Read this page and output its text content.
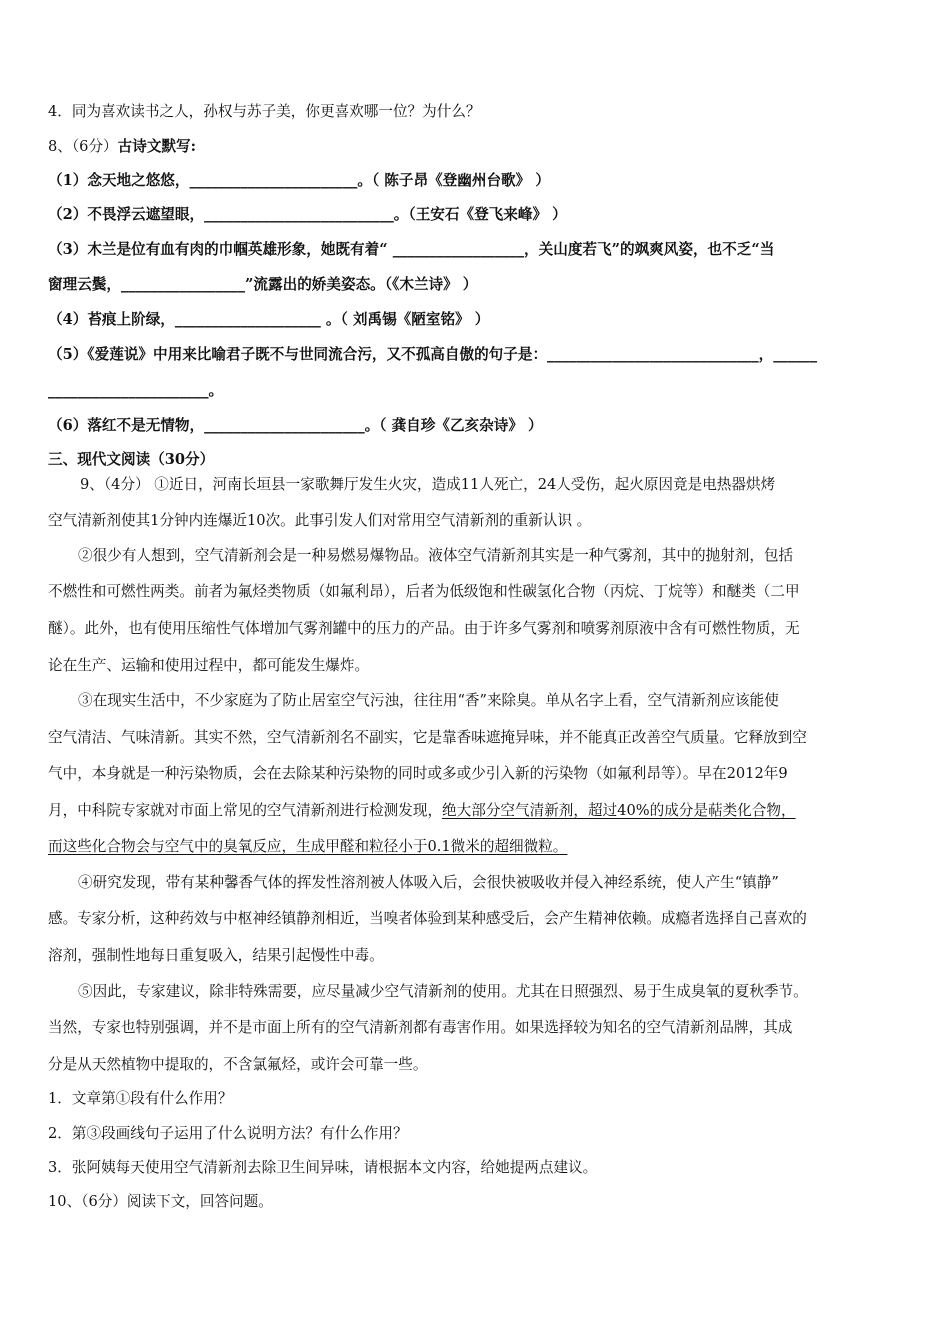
4．同为喜欢读书之人，孙权与苏子美，你更喜欢哪一位？为什么？
8、（6分）古诗文默写:
（1）念天地之悠悠，_______________________。（ 陈子昂《登幽州台歌》 ）
（2）不畏浮云遮望眼，__________________________。（王安石《登飞来峰》 ）
（3）木兰是位有血有肉的巾帼英雄形象，她既有着“ __________________，关山度若飞”的飒爽风姿，也不乏“当
窗理云鬓，_________________”流露出的娇美姿态。（《木兰诗》 ）
（4）苔痕上阶绿，____________________ 。（ 刘禹锡《陋室铭》 ）
（5）《爱莲说》中用来比喻君子既不与世同流合污，又不孤高自傲的句子是：_____________________________，______
______________________。
（6）落红不是无情物，______________________。（ 龚自珍《乙亥杂诗》 ）
三、现代文阅读（30分）
9、（4分） ①近日，河南长垣县一家歌舞厅发生火灾，造成11人死亡，24人受伤，起火原因竟是电热器烘烤
空气清新剂使其1分钟内连爆近10次。此事引发人们对常用空气清新剂的重新认识 。
②很少有人想到，空气清新剂会是一种易燃易爆物品。液体空气清新剂其实是一种气雾剂，其中的抛射剂，包括
不燃性和可燃性两类。前者为氟烃类物质（如氟利昂），后者为低级饱和性碳氢化合物（丙烷、丁烷等）和醚类（二甲
醚）。此外，也有使用压缩性气体增加气雾剂罐中的压力的产品。由于许多气雾剂和喷雾剂原液中含有可燃性物质，无
论在生产、运输和使用过程中，都可能发生爆炸。
③在现实生活中，不少家庭为了防止居室空气污浊，往往用“香”来除臭。单从名字上看，空气清新剂应该能使
空气清洁、气味清新。其实不然，空气清新剂名不副实，它是靠香味遮掩异味，并不能真正改善空气质量。它释放到空
气中，本身就是一种污染物质，会在去除某种污染物的同时或多或少引入新的污染物（如氟利昂等）。早在2012年9
月，中科院专家就对市面上常见的空气清新剂进行检测发现，绝大部分空气清新剂，超过40%的成分是萜类化合物，
而这些化合物会与空气中的臭氧反应，生成甲醛和粒径小于0.1微米的超细微粒。
④研究发现，带有某种馨香气体的挥发性溶剂被人体吸入后，会很快被吸收并侵入神经系统，使人产生“镇静”
感。专家分析，这种药效与中枢神经镇静剂相近，当嗅者体验到某种感受后，会产生精神依赖。成瘾者选择自己喜欢的
溶剂，强制性地每日重复吸入，结果引起慢性中毒。
⑤因此，专家建议，除非特殊需要，应尽量减少空气清新剂的使用。尤其在日照强烈、易于生成臭氧的夏秋季节。
当然，专家也特别强调，并不是市面上所有的空气清新剂都有毒害作用。如果选择较为知名的空气清新剂品牌，其成
分是从天然植物中提取的，不含氯氟烃，或许会可靠一些。
1．文章第①段有什么作用？
2．第③段画线句子运用了什么说明方法？有什么作用？
3．张阿姨每天使用空气清新剂去除卫生间异味，请根据本文内容，给她提两点建议。
10、（6分）阅读下文，回答问题。
